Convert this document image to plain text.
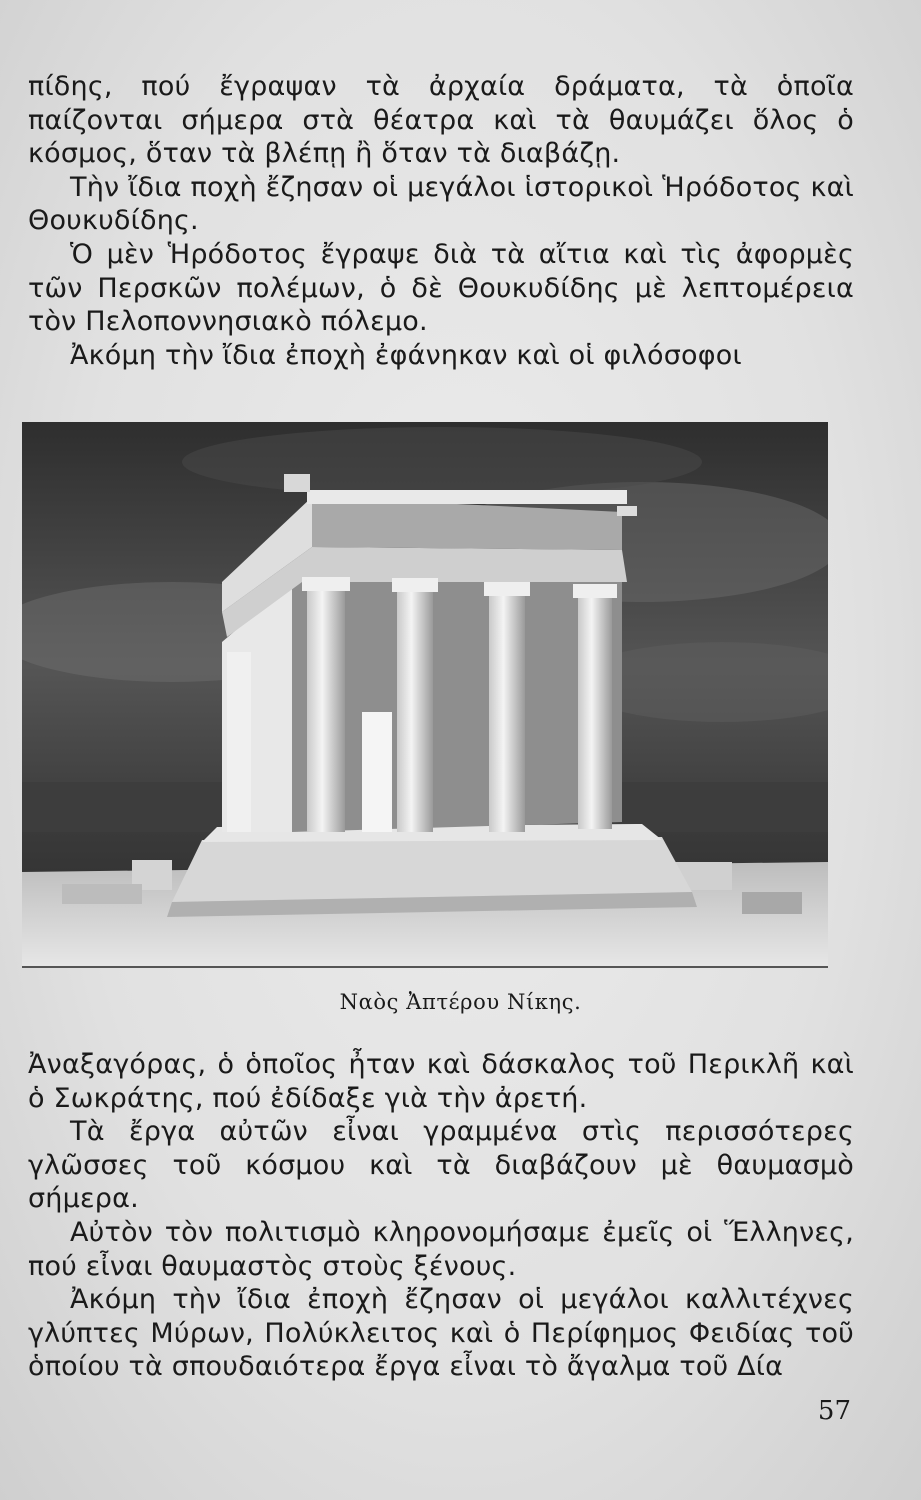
πίδης, πού ἔγραψαν τὰ ἀρχαία δράματα, τὰ ὁποῖα παίζονται σήμερα στὰ θέατρα καὶ τὰ θαυμάζει ὅλος ὁ κόσμος, ὅταν τὰ βλέπῃ ἢ ὅταν τὰ διαβάζῃ.

Τὴν ἴδια ποχὴ ἔζησαν οἱ μεγάλοι ἱστορικοὶ Ἡρόδοτος καὶ Θουκυδίδης.

Ὁ μὲν Ἡρόδοτος ἔγραψε διὰ τὰ αἴτια καὶ τὶς ἀφορμὲς τῶν Περσκῶν πολέμων, ὁ δὲ Θουκυδίδης μὲ λεπτομέρεια τὸν Πελοποννησιακὸ πόλεμο.

Ἀκόμη τὴν ἴδια ἐποχὴ ἐφάνηκαν καὶ οἱ φιλόσοφοι

Ναὸς Ἀπτέρου Νίκης.

Ἀναξαγόρας, ὁ ὁποῖος ἦταν καὶ δάσκαλος τοῦ Περικλῆ καὶ ὁ Σωκράτης, πού ἐδίδαξε γιὰ τὴν ἀρετή.

Τὰ ἔργα αὐτῶν εἶναι γραμμένα στὶς περισσότερες γλῶσσες τοῦ κόσμου καὶ τὰ διαβάζουν μὲ θαυμασμὸ σήμερα.

Αὐτὸν τὸν πολιτισμὸ κληρονομήσαμε ἐμεῖς οἱ Ἕλληνες, πού εἶναι θαυμαστὸς στοὺς ξένους.

Ἀκόμη τὴν ἴδια ἐποχὴ ἔζησαν οἱ μεγάλοι καλλιτέχνες γλύπτες Μύρων, Πολύκλειτος καὶ ὁ Περίφημος Φειδίας τοῦ ὁποίου τὰ σπουδαιότερα ἔργα εἶναι τὸ ἄγαλμα τοῦ Δία

57
